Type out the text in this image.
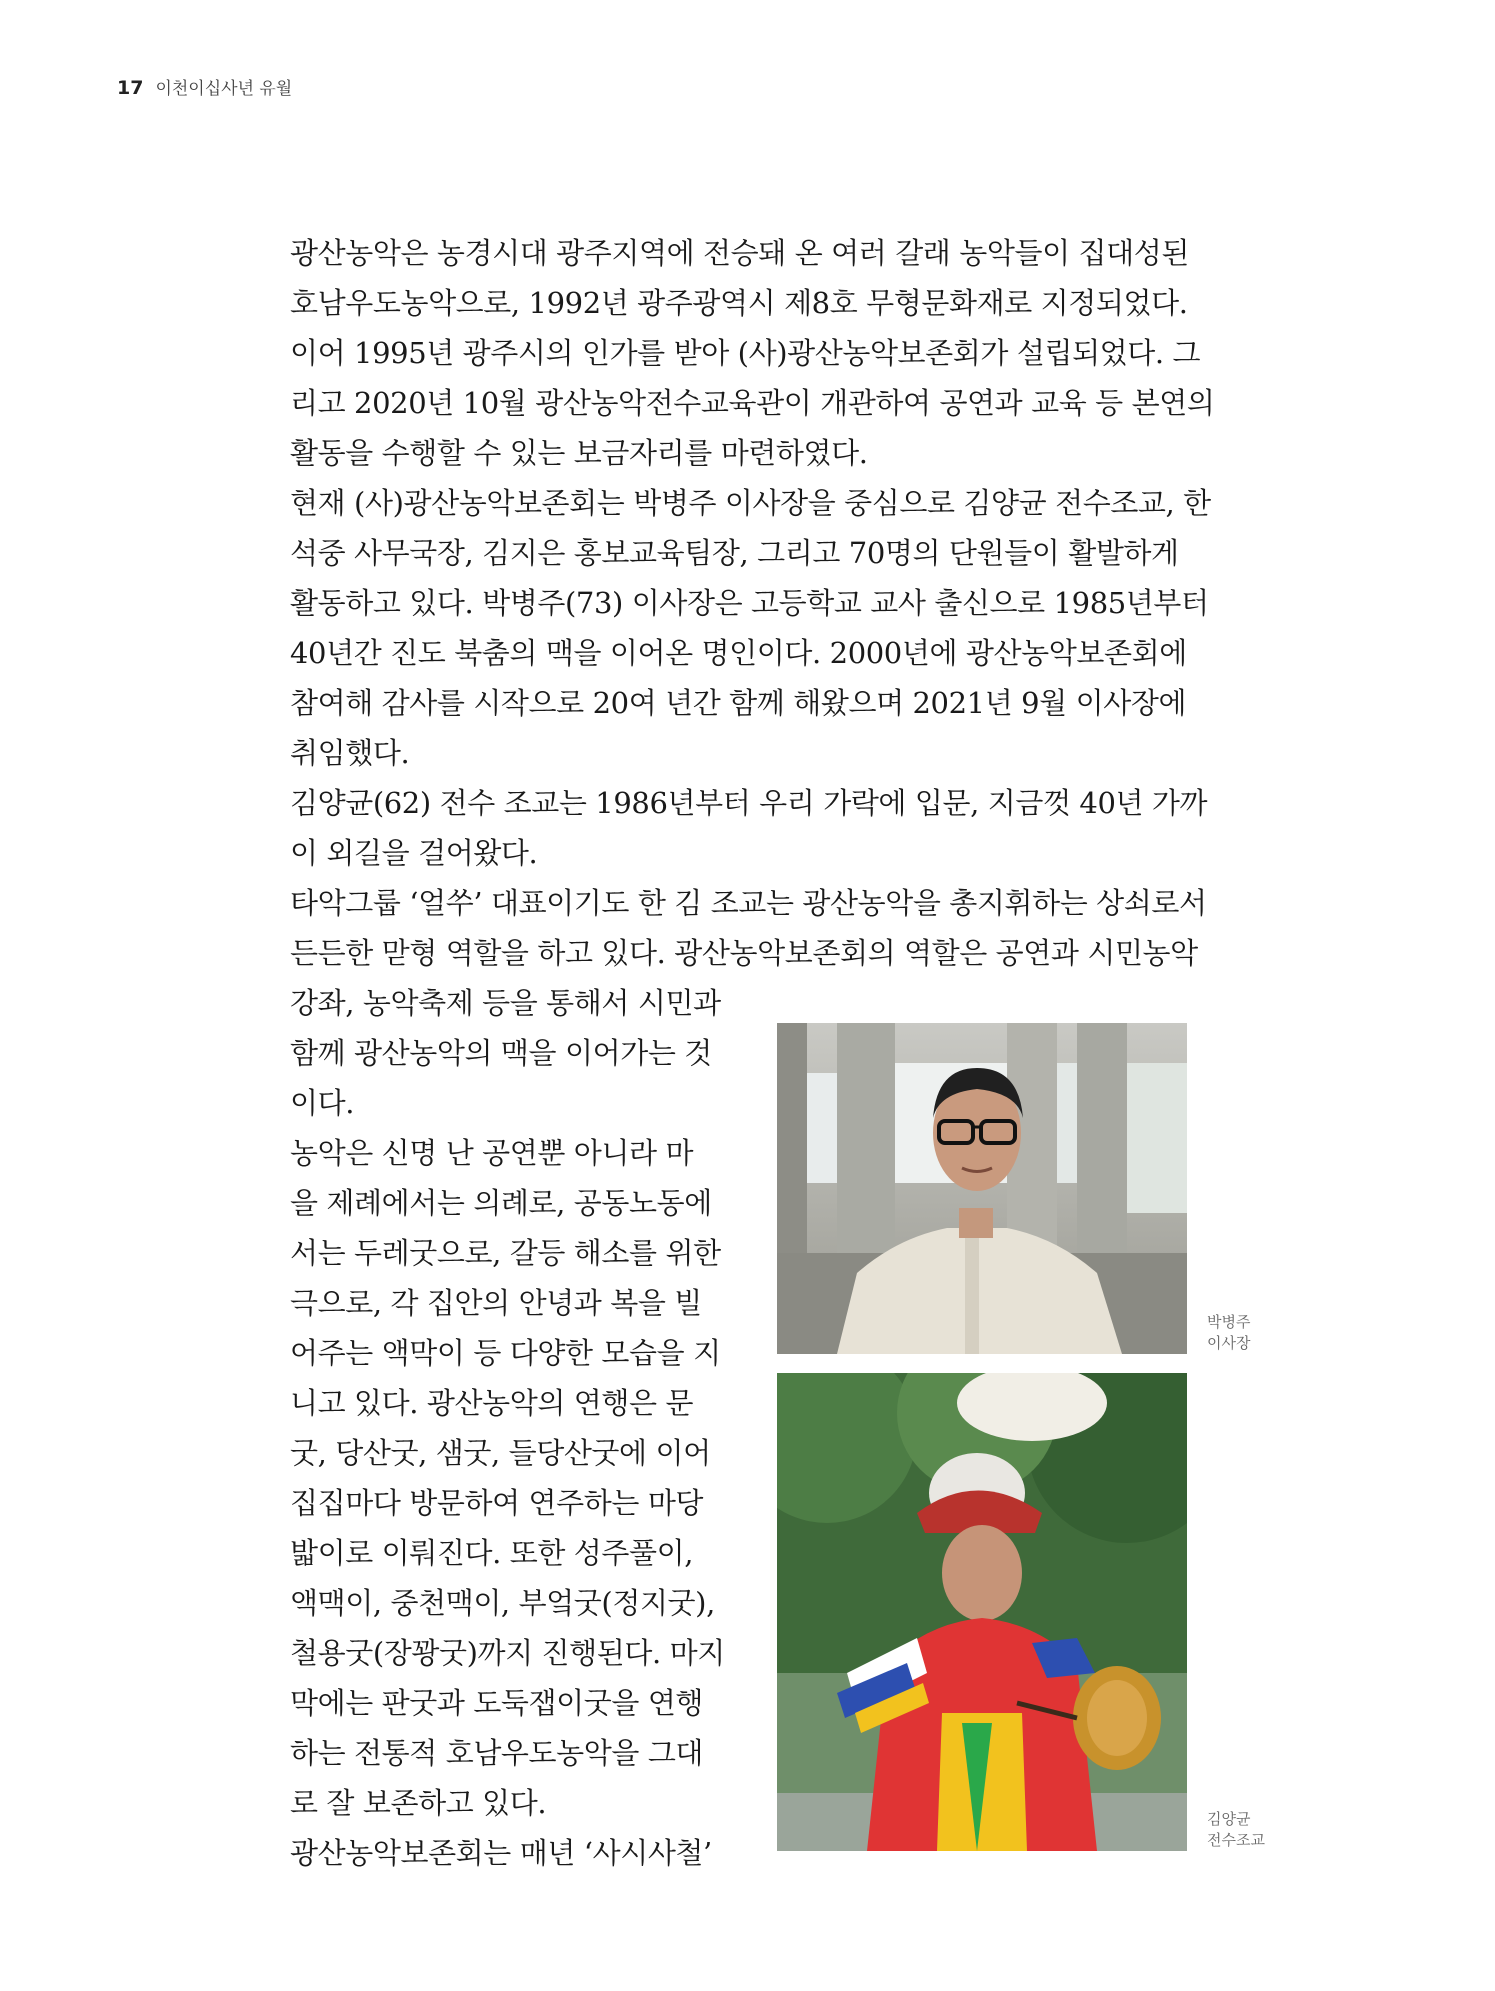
17 이천이십사년 유월

광산농악은 농경시대 광주지역에 전승돼 온 여러 갈래 농악들이 집대성된
호남우도농악으로, 1992년 광주광역시 제8호 무형문화재로 지정되었다.
이어 1995년 광주시의 인가를 받아 (사)광산농악보존회가 설립되었다. 그
리고 2020년 10월 광산농악전수교육관이 개관하여 공연과 교육 등 본연의
활동을 수행할 수 있는 보금자리를 마련하였다.

현재 (사)광산농악보존회는 박병주 이사장을 중심으로 김양균 전수조교, 한
석중 사무국장, 김지은 홍보교육팀장, 그리고 70명의 단원들이 활발하게
활동하고 있다. 박병주(73) 이사장은 고등학교 교사 출신으로 1985년부터
40년간 진도 북춤의 맥을 이어온 명인이다. 2000년에 광산농악보존회에
참여해 감사를 시작으로 20여 년간 함께 해왔으며 2021년 9월 이사장에
취임했다.

김양균(62) 전수 조교는 1986년부터 우리 가락에 입문, 지금껏 40년 가까
이 외길을 걸어왔다.

타악그룹 ‘얼쑤’ 대표이기도 한 김 조교는 광산농악을 총지휘하는 상쇠로서
든든한 맏형 역할을 하고 있다. 광산농악보존회의 역할은 공연과 시민농악

강좌, 농악축제 등을 통해서 시민과
함께 광산농악의 맥을 이어가는 것
이다.

농악은 신명 난 공연뿐 아니라 마
을 제례에서는 의례로, 공동노동에
서는 두레굿으로, 갈등 해소를 위한
극으로, 각 집안의 안녕과 복을 빌
어주는 액막이 등 다양한 모습을 지
니고 있다. 광산농악의 연행은 문
굿, 당산굿, 샘굿, 들당산굿에 이어
집집마다 방문하여 연주하는 마당
밟이로 이뤄진다. 또한 성주풀이,
액맥이, 중천맥이, 부엌굿(정지굿),
철용굿(장꽝굿)까지 진행된다. 마지
막에는 판굿과 도둑잽이굿을 연행
하는 전통적 호남우도농악을 그대
로 잘 보존하고 있다.

광산농악보존회는 매년 ‘사시사철’

박병주
이사장
김양균
전수조교
